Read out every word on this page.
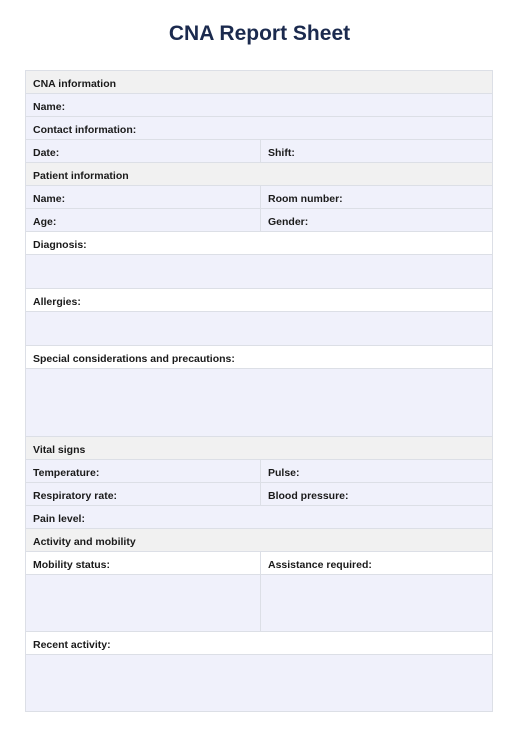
CNA Report Sheet
CNA information
Name:
Contact information:
Date:	Shift:
Patient information
Name:	Room number:
Age:	Gender:
Diagnosis:
Allergies:
Special considerations and precautions:
Vital signs
Temperature:	Pulse:
Respiratory rate:	Blood pressure:
Pain level:
Activity and mobility
Mobility status:	Assistance required:
Recent activity:
